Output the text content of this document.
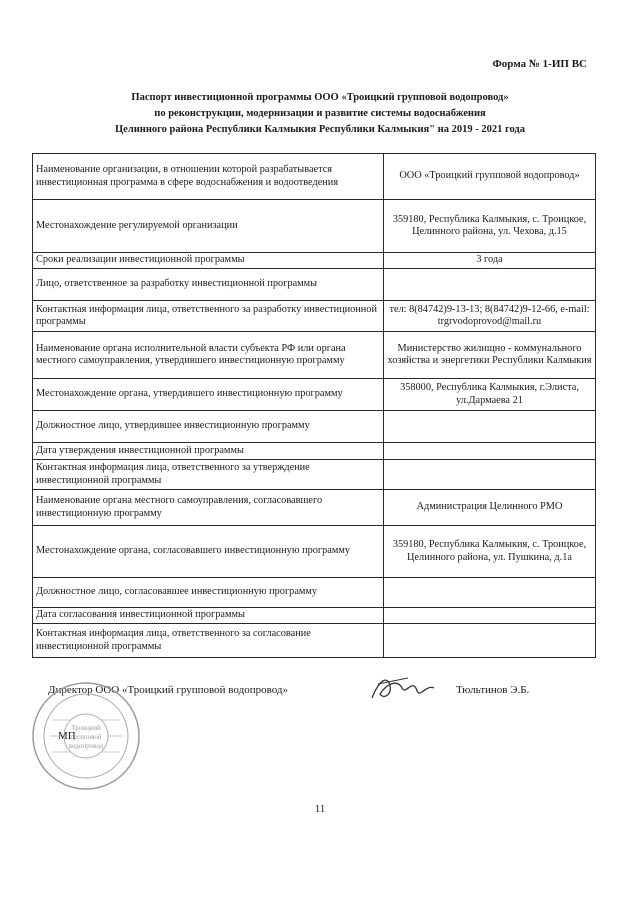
Форма № 1-ИП ВС
Паспорт инвестиционной программы ООО «Троицкий групповой водопровод»
по реконструкции, модернизации и развитие системы водоснабжения
Целинного района Республики Калмыкия Республики Калмыкия" на 2019 - 2021 года
Наименование организации, в отношении которой разрабатывается инвестиционная программа в сфере водоснабжения и водоотведения	ООО «Троицкий групповой водопровод»
Местонахождение регулируемой организации	359180, Республика Калмыкия, с. Троицкое, Целинного района, ул. Чехова, д.15
Сроки реализации инвестиционной программы	3 года
Лицо, ответственное за разработку инвестиционной программы	
Контактная информация лица, ответственного за разработку инвестиционной программы	тел: 8(84742)9-13-13; 8(84742)9-12-66, e-mail: trgrvodoprovod@mail.ru
Наименование органа исполнительной власти субъекта РФ или органа местного самоуправления, утвердившего инвестиционную программу	Министерство жилищно - коммунального хозяйства и энергетики Республики Калмыкия
Местонахождение органа, утвердившего инвестиционную программу	358000, Республика Калмыкия, г.Элиста, ул.Дармаева 21
Должностное лицо, утвердившее инвестиционную программу	
Дата утверждения инвестиционной программы	
Контактная информация лица, ответственного за утверждение инвестиционной программы	
Наименование органа местного самоуправления, согласовавшего инвестиционную программу	Администрация Целинного РМО
Местонахождение органа, согласовавшего инвестиционную программу	359180, Республика Калмыкия, с. Троицкое, Целинного района, ул. Пушкина, д.1а
Должностное лицо, согласовавшее инвестиционную программу	
Дата согласования инвестиционной программы	
Контактная информация лица, ответственного за согласование инвестиционной программы	
Директор ООО «Троицкий групповой водопровод»	Тюльтинов Э.Б.
Троицкий
групповой
водопровод
МП
11
